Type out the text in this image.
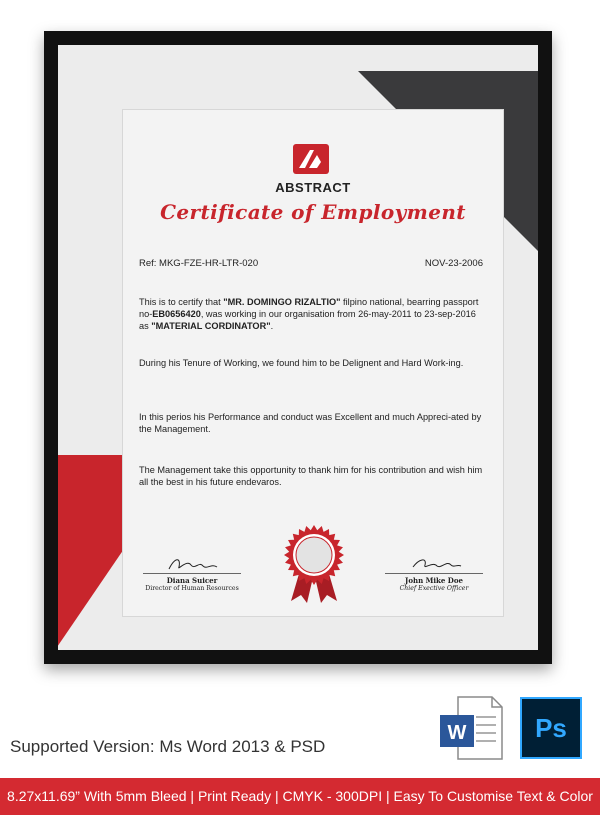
ABSTRACT
Certificate of Employment
Ref: MKG-FZE-HR-LTR-020	NOV-23-2006
This is to certify that "MR. DOMINGO RIZALTIO" filpino national, bearring passport no-EB0656420, was working in our organisation from 26-may-2011 to 23-sep-2016 as "MATERIAL CORDINATOR".
During his Tenure of Working, we found him to be Delignent and Hard Work-ing.
In this perios his Performance and conduct was Excellent and much Appreci-ated by the Management.
The Management take this opportunity to thank him for his contribution and wish him all the best in his future endevaros.
Diana Suicer
Director of Human Resources
John Mike Doe
Chief Exective Officer
Supported Version: Ms Word 2013 & PSD
W	Ps
8.27x11.69” With 5mm Bleed | Print Ready | CMYK - 300DPI | Easy To Customise Text & Color
